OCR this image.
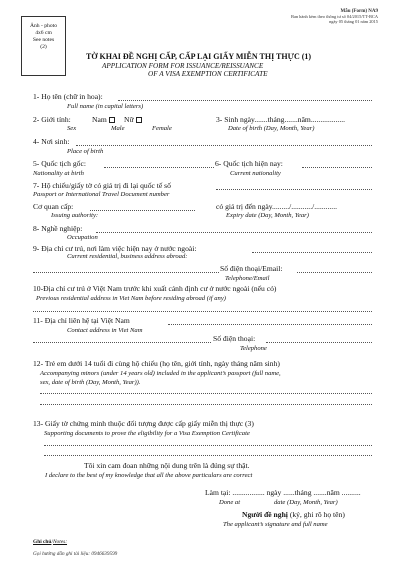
Mẫu (Form) NA9
Ban hành kèm theo thông tư số 04/2015/TT-BCA
ngày 05 tháng 01 năm 2015
Ảnh - photo
4x6 cm
See notes
(2)
TỜ KHAI ĐỀ NGHỊ CẤP, CẤP LẠI GIẤY MIỄN THỊ THỰC (1)
APPLICATION FORM FOR ISSUANCE/REISSUANCE
OF A VISA EXEMPTION CERTIFICATE
1- Họ tên (chữ in hoa):
Full name (in capital letters)
2- Giới tính:	Nam	Nữ	3- Sinh ngày.......tháng.......năm..................
Sex	Male	Female	Date of birth (Day, Month, Year)
4- Nơi sinh:
Place of birth
5- Quốc tịch gốc:	6- Quốc tịch hiện nay:
Nationality at birth	Current nationality
7- Hộ chiếu/giấy tờ có giá trị đi lại quốc tế số
Passport or International Travel Document number
Cơ quan cấp:	có giá trị đến ngày........./.........../............
Issuing authority:	Expiry date (Day, Month, Year)
8- Nghề nghiệp:
Occupation
9- Địa chỉ cư trú, nơi làm việc hiện nay ở nước ngoài:
Current residential, business address abroad:
Số điện thoại/Email:
Telephone/Email
10-Địa chỉ cư trú ở Việt Nam trước khi xuất cảnh định cư ở nước ngoài (nếu có)
Previous residential address in Viet Nam before residing abroad (if any)
11- Địa chỉ liên hệ tại Việt Nam
Contact address in Viet Nam
Số điện thoại:
Telephone
12- Trẻ em dưới 14 tuổi đi cùng hộ chiếu (họ tên, giới tính, ngày tháng năm sinh)
Accompanying minors (under 14 years old) included in the applicant’s passport (full name,
sex, date of birth (Day, Month, Year)).
13- Giấy tờ chứng minh thuộc đối tượng được cấp giấy miễn thị thực (3)
Supporting documents to prove the eligibility for a Visa Exemption Certificate
Tôi xin cam đoan những nội dung trên là đúng sự thật.
I declare to the best of my knowledge that all the above particulars are correct
Làm tại: ................. ngày ......tháng .......năm ..........
Done at	date (Day, Month, Year)
Người đề nghị (ký, ghi rõ họ tên)
The applicant’s signature and full name
Ghi chú/Notes:
Gọi hướng dẫn ghi tài liệu: 0946639599
